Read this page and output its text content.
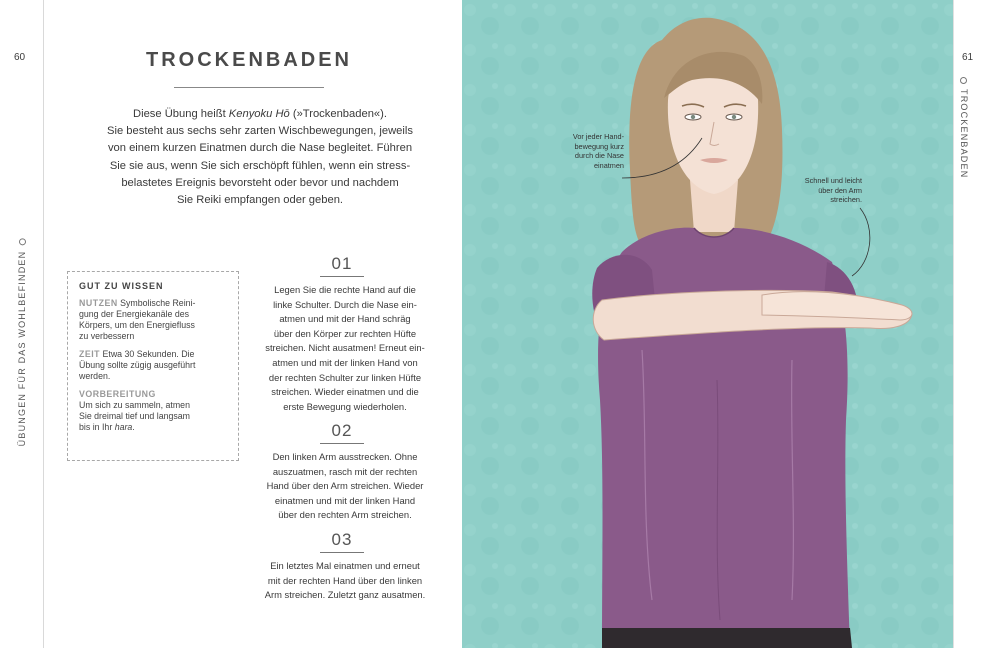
60
ÜBUNGEN FÜR DAS WOHLBEFINDEN
TROCKENBADEN
Diese Übung heißt Kenyoku Hō (»Trockenbaden«).
Sie besteht aus sechs sehr zarten Wischbewegungen, jeweils
von einem kurzen Einatmen durch die Nase begleitet. Führen
Sie sie aus, wenn Sie sich erschöpft fühlen, wenn ein stress-
belastetes Ereignis bevorsteht oder bevor und nachdem
Sie Reiki empfangen oder geben.
GUT ZU WISSEN
NUTZEN Symbolische Reini-
gung der Energiekanäle des
Körpers, um den Energiefluss
zu verbessern
ZEIT Etwa 30 Sekunden. Die
Übung sollte zügig ausgeführt
werden.
VORBEREITUNG
Um sich zu sammeln, atmen
Sie dreimal tief und langsam
bis in Ihr hara.
01
Legen Sie die rechte Hand auf die
linke Schulter. Durch die Nase ein-
atmen und mit der Hand schräg
über den Körper zur rechten Hüfte
streichen. Nicht ausatmen! Erneut ein-
atmen und mit der linken Hand von
der rechten Schulter zur linken Hüfte
streichen. Wieder einatmen und die
erste Bewegung wiederholen.
02
Den linken Arm ausstrecken. Ohne
auszuatmen, rasch mit der rechten
Hand über den Arm streichen. Wieder
einatmen und mit der linken Hand
über den rechten Arm streichen.
03
Ein letztes Mal einatmen und erneut
mit der rechten Hand über den linken
Arm streichen. Zuletzt ganz ausatmen.
Vor jeder Hand-
bewegung kurz
durch die Nase
einatmen
Schnell und leicht
über den Arm
streichen.
61
TROCKENBADEN
